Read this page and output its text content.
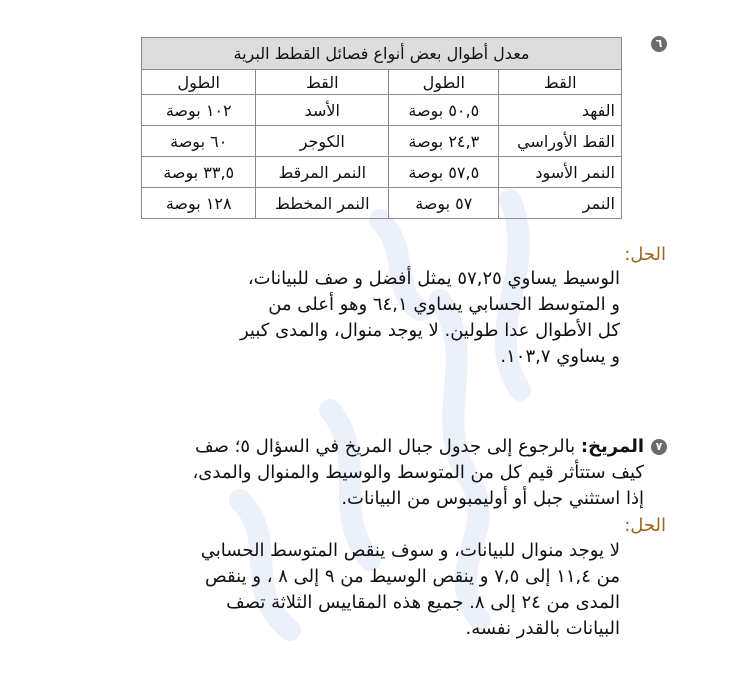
٦
معدل أطوال بعض أنواع فصائل القطط البرية			
القط	الطول	القط	الطول
الفهد	٥٠,٥ بوصة	الأسد	١٠٢ بوصة
القط الأوراسي	٢٤,٣ بوصة	الكوجر	٦٠ بوصة
النمر الأسود	٥٧,٥ بوصة	النمر المرقط	٣٣,٥ بوصة
النمر	٥٧ بوصة	النمر المخطط	١٢٨ بوصة
الحل:
الوسيط يساوي ٥٧,٢٥ يمثل أفضل و صف للبيانات،
و المتوسط الحسابي يساوي ٦٤,١ وهو أعلى من
كل الأطوال عدا طولين. لا يوجد منوال، والمدى كبير
و يساوي ١٠٣,٧.
٧
المريخ: بالرجوع إلى جدول جبال المريخ في السؤال ٥؛ صف
كيف ستتأثر قيم كل من المتوسط والوسيط والمنوال والمدى،
إذا استثني جبل أو أوليمبوس من البيانات.
الحل:
لا يوجد منوال للبيانات، و سوف ينقص المتوسط الحسابي
من ١١,٤ إلى ٧,٥ و ينقص الوسيط من ٩ إلى ٨ ، و ينقص
المدى من ٢٤ إلى ٨. جميع هذه المقاييس الثلاثة تصف
البيانات بالقدر نفسه.
